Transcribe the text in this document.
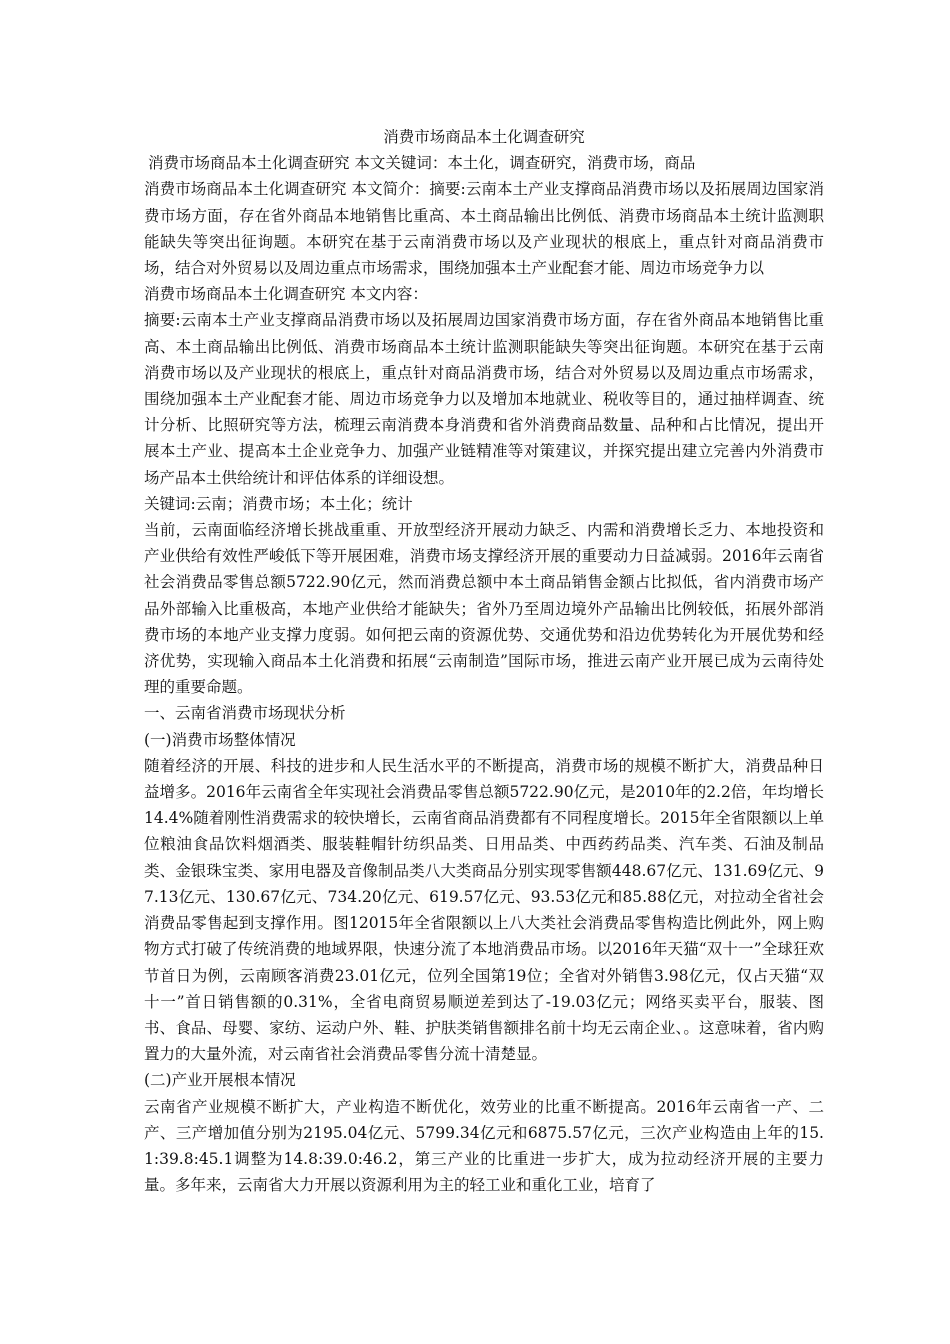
消费市场商品本土化调查研究

消费市场商品本土化调查研究 本文关键词：本土化，调查研究，消费市场，商品

消费市场商品本土化调查研究 本文简介：摘要:云南本土产业支撑商品消费市场以及拓展周边国家消费市场方面，存在省外商品本地销售比重高、本土商品输出比例低、消费市场商品本土统计监测职能缺失等突出征询题。本研究在基于云南消费市场以及产业现状的根底上，重点针对商品消费市场，结合对外贸易以及周边重点市场需求，围绕加强本土产业配套才能、周边市场竞争力以

消费市场商品本土化调查研究 本文内容：

摘要:云南本土产业支撑商品消费市场以及拓展周边国家消费市场方面，存在省外商品本地销售比重高、本土商品输出比例低、消费市场商品本土统计监测职能缺失等突出征询题。本研究在基于云南消费市场以及产业现状的根底上，重点针对商品消费市场，结合对外贸易以及周边重点市场需求，围绕加强本土产业配套才能、周边市场竞争力以及增加本地就业、税收等目的，通过抽样调查、统计分析、比照研究等方法，梳理云南消费本身消费和省外消费商品数量、品种和占比情况，提出开展本土产业、提高本土企业竞争力、加强产业链精准等对策建议，并探究提出建立完善内外消费市场产品本土供给统计和评估体系的详细设想。

关键词:云南；消费市场；本土化；统计

当前，云南面临经济增长挑战重重、开放型经济开展动力缺乏、内需和消费增长乏力、本地投资和产业供给有效性严峻低下等开展困难，消费市场支撑经济开展的重要动力日益减弱。2016年云南省社会消费品零售总额5722.90亿元，然而消费总额中本土商品销售金额占比拟低，省内消费市场产品外部输入比重极高，本地产业供给才能缺失；省外乃至周边境外产品输出比例较低，拓展外部消费市场的本地产业支撑力度弱。如何把云南的资源优势、交通优势和沿边优势转化为开展优势和经济优势，实现输入商品本土化消费和拓展“云南制造”国际市场，推进云南产业开展已成为云南待处理的重要命题。

一、云南省消费市场现状分析

(一)消费市场整体情况

随着经济的开展、科技的进步和人民生活水平的不断提高，消费市场的规模不断扩大，消费品种日益增多。2016年云南省全年实现社会消费品零售总额5722.90亿元，是2010年的2.2倍，年均增长14.4%随着刚性消费需求的较快增长，云南省商品消费都有不同程度增长。2015年全省限额以上单位粮油食品饮料烟酒类、服装鞋帽针纺织品类、日用品类、中西药药品类、汽车类、石油及制品类、金银珠宝类、家用电器及音像制品类八大类商品分别实现零售额448.67亿元、131.69亿元、97.13亿元、130.67亿元、734.20亿元、619.57亿元、93.53亿元和85.88亿元，对拉动全省社会消费品零售起到支撑作用。图12015年全省限额以上八大类社会消费品零售构造比例此外，网上购物方式打破了传统消费的地域界限，快速分流了本地消费品市场。以2016年天猫“双十一”全球狂欢节首日为例，云南顾客消费23.01亿元，位列全国第19位；全省对外销售3.98亿元，仅占天猫“双十一”首日销售额的0.31%，全省电商贸易顺逆差到达了-19.03亿元；网络买卖平台，服装、图书、食品、母婴、家纺、运动户外、鞋、护肤类销售额排名前十均无云南企业、。这意味着，省内购置力的大量外流，对云南省社会消费品零售分流十清楚显。

(二)产业开展根本情况

云南省产业规模不断扩大，产业构造不断优化，效劳业的比重不断提高。2016年云南省一产、二产、三产增加值分别为2195.04亿元、5799.34亿元和6875.57亿元，三次产业构造由上年的15.1:39.8:45.1调整为14.8:39.0:46.2，第三产业的比重进一步扩大，成为拉动经济开展的主要力量。多年来，云南省大力开展以资源利用为主的轻工业和重化工业，培育了
